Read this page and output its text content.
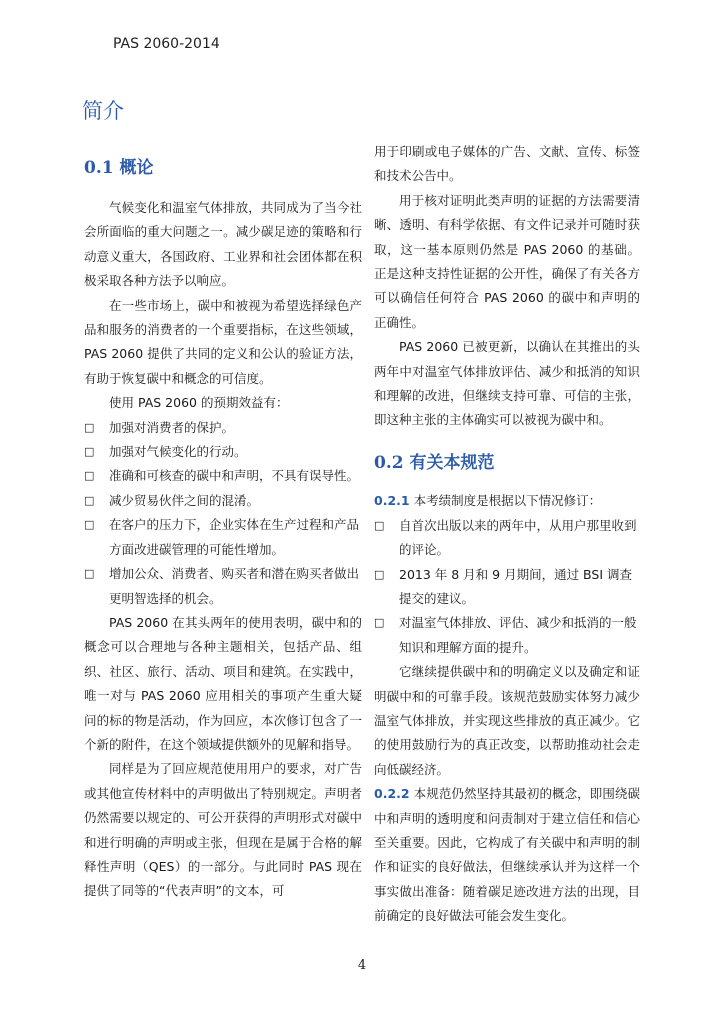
PAS 2060-2014
简介
0.1 概论

气候变化和温室气体排放，共同成为了当今社会所面临的重大问题之一。减少碳足迹的策略和行动意义重大，各国政府、工业界和社会团体都在积极采取各种方法予以响应。

在一些市场上，碳中和被视为希望选择绿色产品和服务的消费者的一个重要指标，在这些领域， PAS 2060 提供了共同的定义和公认的验证方法，有助于恢复碳中和概念的可信度。

使用 PAS 2060 的预期效益有：

□ 加强对消费者的保护。
□ 加强对气候变化的行动。
□ 准确和可核查的碳中和声明，不具有误导性。
□ 减少贸易伙伴之间的混淆。
□ 在客户的压力下，企业实体在生产过程和产品方面改进碳管理的可能性增加。
□ 增加公众、消费者、购买者和潜在购买者做出更明智选择的机会。

PAS 2060 在其头两年的使用表明，碳中和的概念可以合理地与各种主题相关，包括产品、组织、社区、旅行、活动、项目和建筑。在实践中，唯一对与 PAS 2060 应用相关的事项产生重大疑问的标的物是活动，作为回应，本次修订包含了一个新的附件，在这个领域提供额外的见解和指导。

同样是为了回应规范使用用户的要求，对广告或其他宣传材料中的声明做出了特别规定。声明者仍然需要以规定的、可公开获得的声明形式对碳中和进行明确的声明或主张，但现在是属于合格的解释性声明（QES）的一部分。与此同时 PAS 现在提供了同等的“代表声明”的文本，可

用于印刷或电子媒体的广告、文献、宣传、标签和技术公告中。

用于核对证明此类声明的证据的方法需要清晰、透明、有科学依据、有文件记录并可随时获取，这一基本原则仍然是 PAS 2060 的基础。正是这种支持性证据的公开性，确保了有关各方可以确信任何符合 PAS 2060 的碳中和声明的正确性。

PAS 2060 已被更新，以确认在其推出的头两年中对温室气体排放评估、减少和抵消的知识和理解的改进，但继续支持可靠、可信的主张，即这种主张的主体确实可以被视为碳中和。

0.2 有关本规范

0.2.1 本考绩制度是根据以下情况修订：

□ 自首次出版以来的两年中，从用户那里收到的评论。
□ 2013 年 8 月和 9 月期间，通过 BSI 调查提交的建议。
□ 对温室气体排放、评估、减少和抵消的一般知识和理解方面的提升。

它继续提供碳中和的明确定义以及确定和证明碳中和的可靠手段。该规范鼓励实体努力减少温室气体排放，并实现这些排放的真正减少。它的使用鼓励行为的真正改变，以帮助推动社会走向低碳经济。

0.2.2 本规范仍然坚持其最初的概念，即围绕碳中和声明的透明度和问责制对于建立信任和信心至关重要。因此，它构成了有关碳中和声明的制作和证实的良好做法，但继续承认并为这样一个事实做出准备：随着碳足迹改进方法的出现，目前确定的良好做法可能会发生变化。

4
